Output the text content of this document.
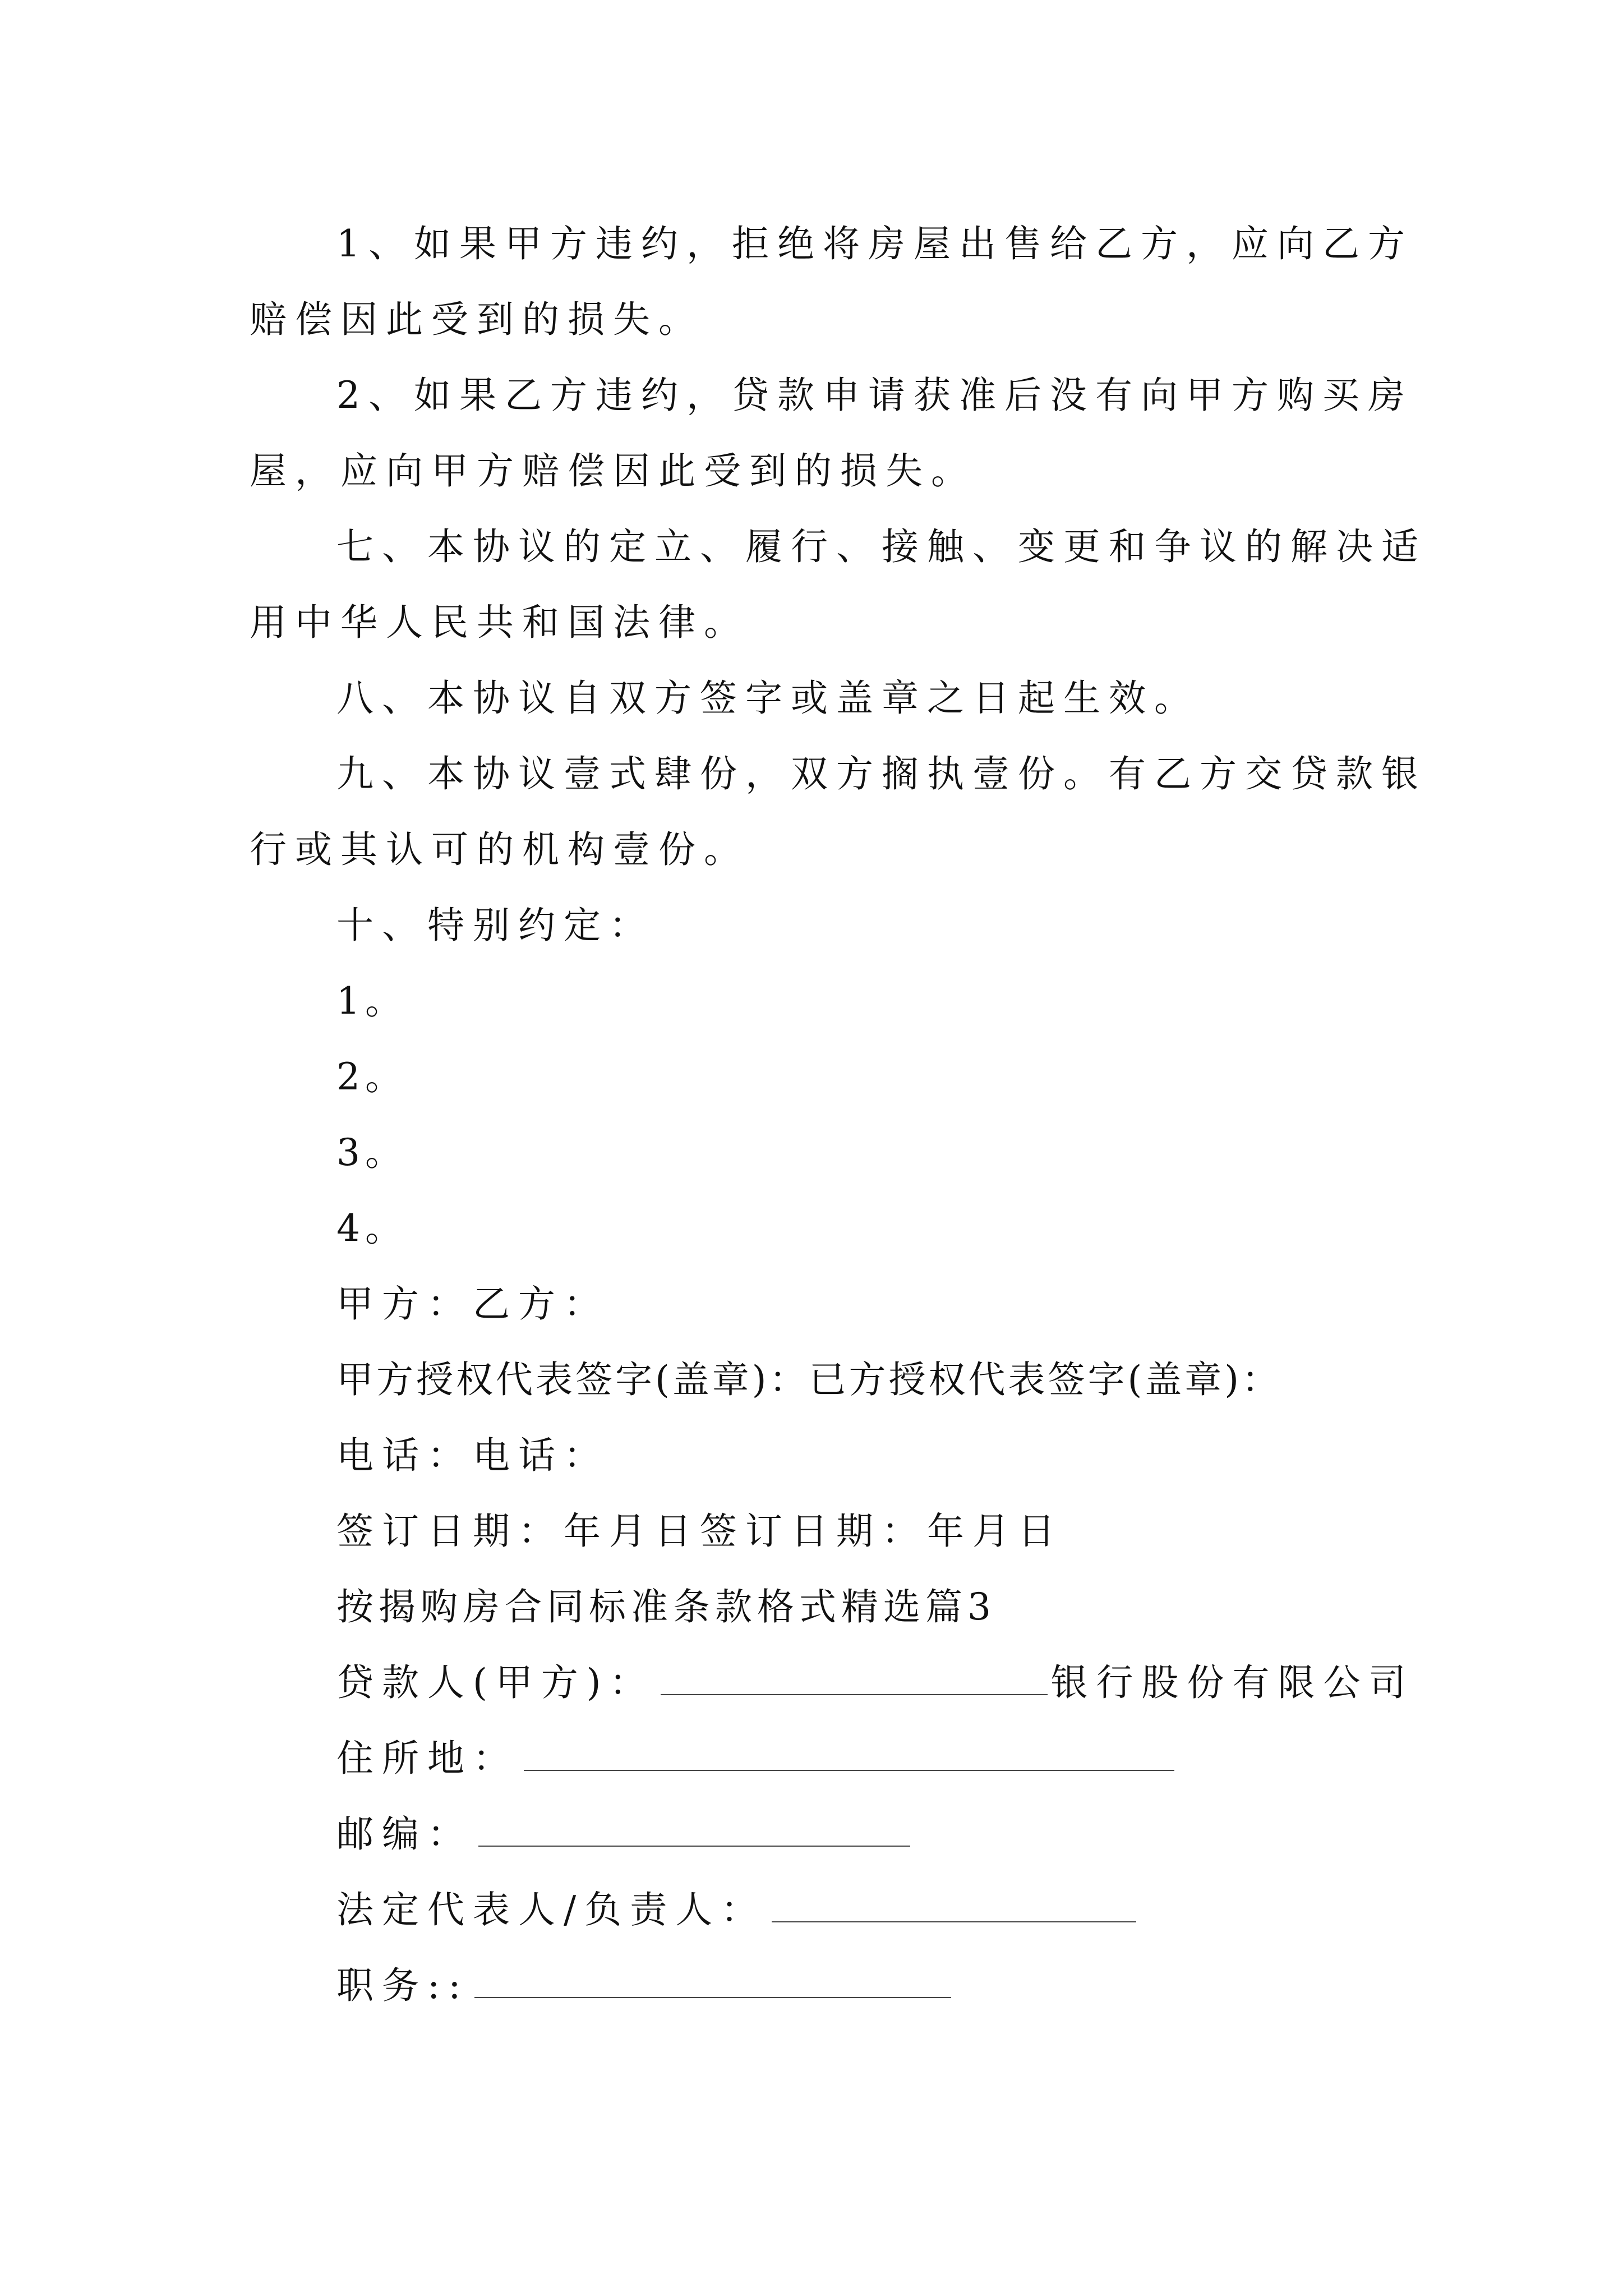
1、如果甲方违约，拒绝将房屋出售给乙方，应向乙方
赔偿因此受到的损失。
2、如果乙方违约，贷款申请获准后没有向甲方购买房
屋，应向甲方赔偿因此受到的损失。
七、本协议的定立、履行、接触、变更和争议的解决适
用中华人民共和国法律。
八、本协议自双方签字或盖章之日起生效。
九、本协议壹式肆份，双方搁执壹份。有乙方交贷款银
行或其认可的机构壹份。
十、特别约定：
1。
2。
3。
4。
甲方：乙方：
甲方授权代表签字(盖章)：已方授权代表签字(盖章)：
电话：电话：
签订日期：年月日签订日期：年月日
按揭购房合同标准条款格式精选篇3
贷款人(甲方)：	银行股份有限公司
住所地：
邮编：
法定代表人/负责人：
职务::
